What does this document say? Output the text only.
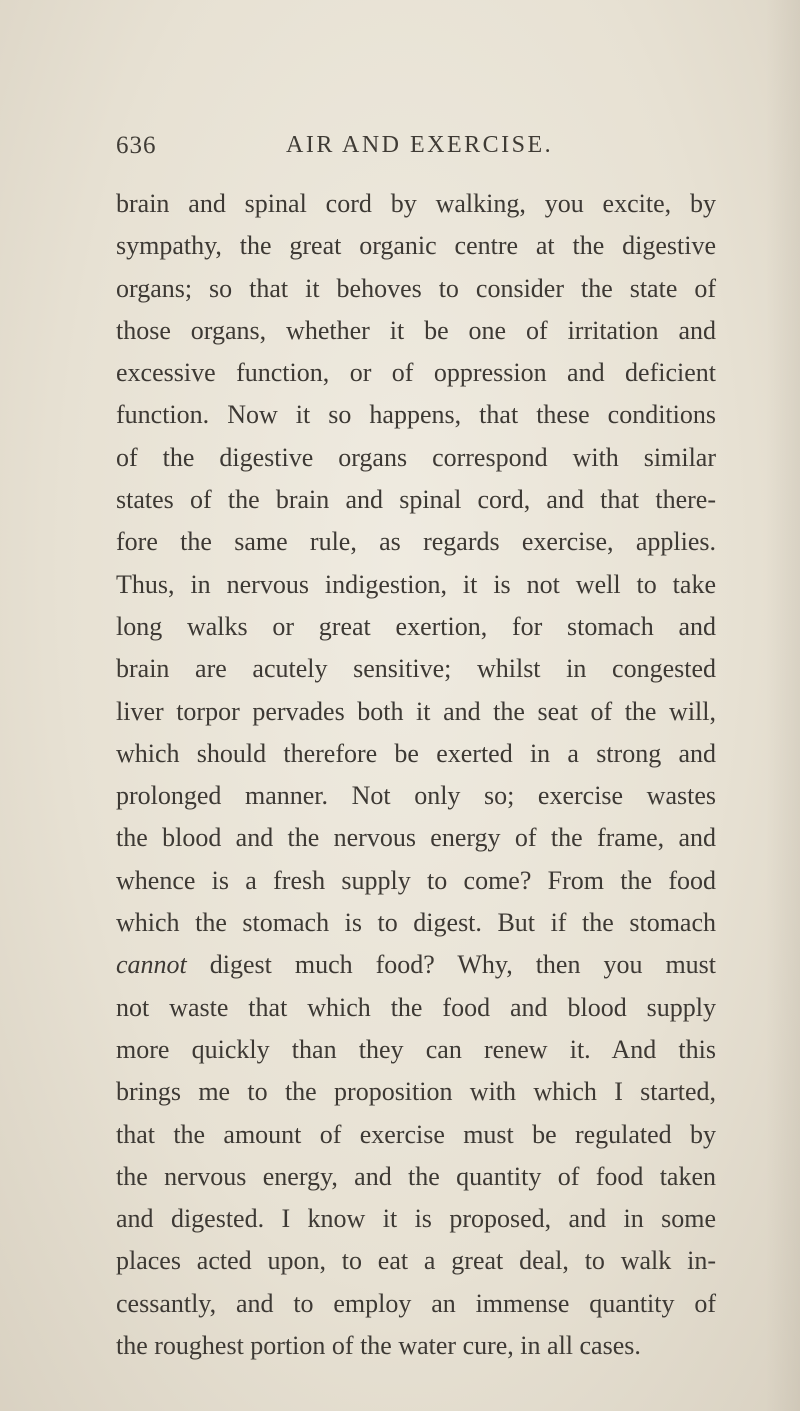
636	AIR AND EXERCISE.
brain and spinal cord by walking, you excite, by
sympathy, the great organic centre at the digestive
organs; so that it behoves to consider the state of
those organs, whether it be one of irritation and
excessive function, or of oppression and deficient
function. Now it so happens, that these conditions
of the digestive organs correspond with similar
states of the brain and spinal cord, and that there-
fore the same rule, as regards exercise, applies.
Thus, in nervous indigestion, it is not well to take
long walks or great exertion, for stomach and
brain are acutely sensitive; whilst in congested
liver torpor pervades both it and the seat of the will,
which should therefore be exerted in a strong and
prolonged manner. Not only so; exercise wastes
the blood and the nervous energy of the frame, and
whence is a fresh supply to come? From the food
which the stomach is to digest. But if the stomach
cannot digest much food? Why, then you must
not waste that which the food and blood supply
more quickly than they can renew it. And this
brings me to the proposition with which I started,
that the amount of exercise must be regulated by
the nervous energy, and the quantity of food taken
and digested. I know it is proposed, and in some
places acted upon, to eat a great deal, to walk in-
cessantly, and to employ an immense quantity of
the roughest portion of the water cure, in all cases.
